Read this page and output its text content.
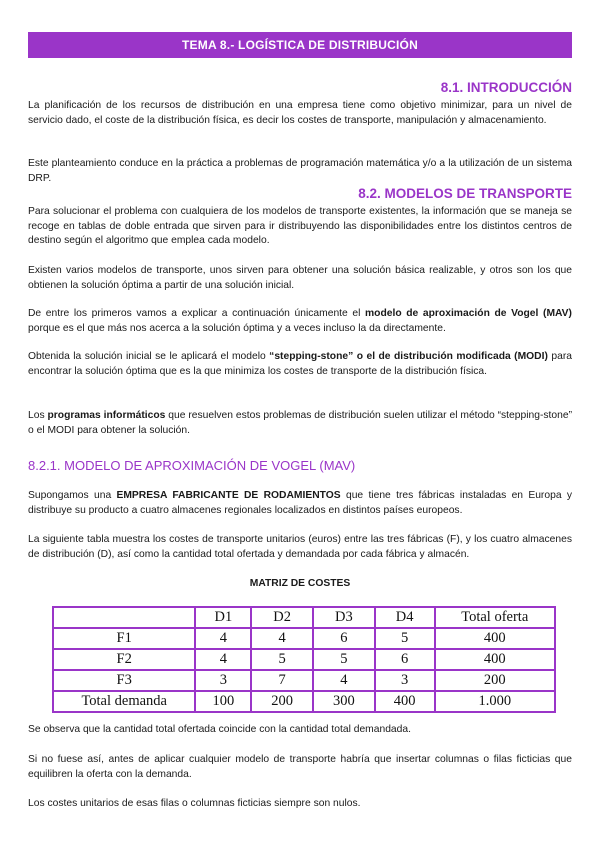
TEMA 8.- LOGÍSTICA DE DISTRIBUCIÓN
8.1. INTRODUCCIÓN

La planificación de los recursos de distribución en una empresa tiene como objetivo minimizar, para un nivel de servicio dado, el coste de la distribución física, es decir los costes de transporte, manipulación y almacenamiento.

Este planteamiento conduce en la práctica a problemas de programación matemática y/o a la utilización de un sistema DRP.

8.2. MODELOS DE TRANSPORTE

Para solucionar el problema con cualquiera de los modelos de transporte existentes, la información que se maneja se recoge en tablas de doble entrada que sirven para ir distribuyendo las disponibilidades entre los distintos centros de destino según el algoritmo que emplea cada modelo.

Existen varios modelos de transporte, unos sirven para obtener una solución básica realizable, y otros son los que obtienen la solución óptima a partir de una solución inicial.

De entre los primeros vamos a explicar a continuación únicamente el modelo de aproximación de Vogel (MAV) porque es el que más nos acerca a la solución óptima y a veces incluso la da directamente.

Obtenida la solución inicial se le aplicará el modelo “stepping-stone” o el de distribución modificada (MODI) para encontrar la solución óptima que es la que minimiza los costes de transporte de la distribución física.

Los programas informáticos que resuelven estos problemas de distribución suelen utilizar el método “stepping-stone” o el MODI para obtener la solución.

8.2.1. MODELO DE APROXIMACIÓN DE VOGEL (MAV)

Supongamos una EMPRESA FABRICANTE DE RODAMIENTOS que tiene tres fábricas instaladas en Europa y distribuye su producto a cuatro almacenes regionales localizados en distintos países europeos.

La siguiente tabla muestra los costes de transporte unitarios (euros) entre las tres fábricas (F), y los cuatro almacenes de distribución (D), así como la cantidad total ofertada y demandada por cada fábrica y almacén.

MATRIZ DE COSTES
	D1	D2	D3	D4	Total oferta
F1	4	4	6	5	400
F2	4	5	5	6	400
F3	3	7	4	3	200
Total demanda	100	200	300	400	1.000

Se observa que la cantidad total ofertada coincide con la cantidad total demandada.

Si no fuese así, antes de aplicar cualquier modelo de transporte habría que insertar columnas o filas ficticias que equilibren la oferta con la demanda.

Los costes unitarios de esas filas o columnas ficticias siempre son nulos.
